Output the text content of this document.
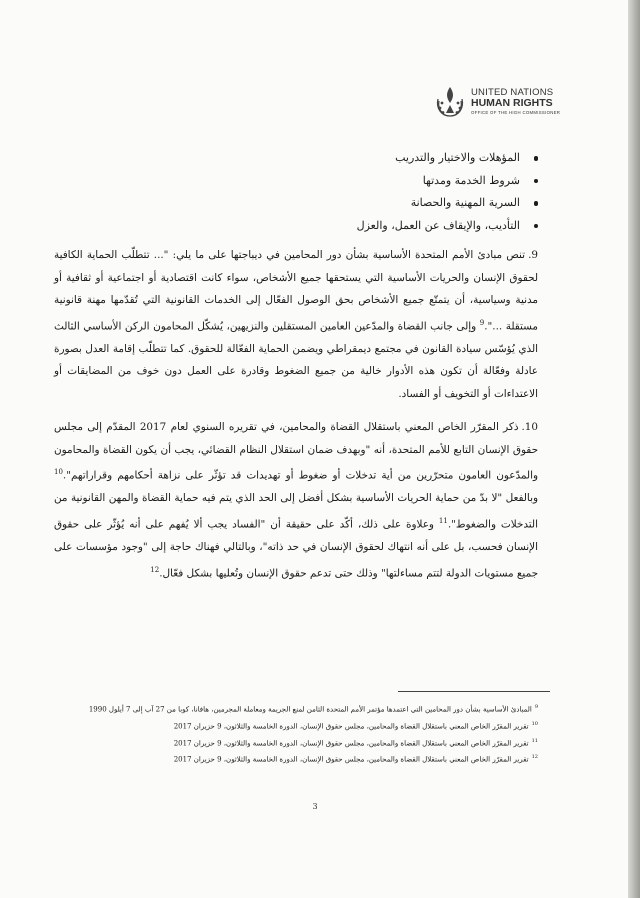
UNITED NATIONS
HUMAN RIGHTS
OFFICE OF THE HIGH COMMISSIONER
المؤهلات والاختيار والتدريب
شروط الخدمة ومدتها
السرية المهنية والحصانة
التأديب، والإيقاف عن العمل، والعزل

9.تنص مبادئ الأمم المتحدة الأساسية بشأن دور المحامين في ديباجتها على ما يلي: "... تتطلّب الحماية الكافية لحقوق الإنسان والحريات الأساسية التي يستحقها جميع الأشخاص، سواء كانت اقتصادية أو اجتماعية أو ثقافية أو مدنية وسياسية، أن يتمتّع جميع الأشخاص بحق الوصول الفعّال إلى الخدمات القانونية التي تُقدّمها مهنة قانونية مستقلة ...".$^9$ وإلى جانب القضاة والمدّعين العامين المستقلين والنزيهين، يُشكّل المحامون الركن الأساسي الثالث الذي يُؤسّس سيادة القانون في مجتمع ديمقراطي ويضمن الحماية الفعّالة للحقوق. كما تتطلّب إقامة العدل بصورة عادلة وفعّالة أن تكون هذه الأدوار خالية من جميع الضغوط وقادرة على العمل دون خوف من المضايقات أو الاعتداءات أو التخويف أو الفساد.

10.ذكر المقرّر الخاص المعني باستقلال القضاة والمحامين، في تقريره السنوي لعام 2017 المقدّم إلى مجلس حقوق الإنسان التابع للأمم المتحدة، أنه "وبهدف ضمان استقلال النظام القضائي، يجب أن يكون القضاة والمحامون والمدّعون العامون متحرّرين من أية تدخلات أو ضغوط أو تهديدات قد تؤثّر على نزاهة أحكامهم وقراراتهم".$^{10}$ وبالفعل "لا بدّ من حماية الحريات الأساسية بشكل أفضل إلى الحد الذي يتم فيه حماية القضاة والمهن القانونية من التدخلات والضغوط".$^{11}$ وعلاوة على ذلك، أكّد على حقيقة أن "الفساد يجب ألا يُفهم على أنه يُؤثّر على حقوق الإنسان فحسب، بل على أنه انتهاك لحقوق الإنسان في حد ذاته"، وبالتالي فهناك حاجة إلى "وجود مؤسسات على جميع مستويات الدولة لتتم مساءلتها" وذلك حتى تدعم حقوق الإنسان وتُعليها بشكل فعّال.$^{12}$

$^9$المبادئ الأساسية بشأن دور المحامين التي اعتمدها مؤتمر الأمم المتحدة الثامن لمنع الجريمة ومعاملة المجرمين، هافانا، كوبا من 27 آب إلى 7 أيلول 1990
$^{10}$تقرير المقرّر الخاص المعني باستقلال القضاة والمحامين، مجلس حقوق الإنسان، الدورة الخامسة والثلاثون، 9 حزيران 2017
$^{11}$تقرير المقرّر الخاص المعني باستقلال القضاة والمحامين، مجلس حقوق الإنسان، الدورة الخامسة والثلاثون، 9 حزيران 2017
$^{12}$تقرير المقرّر الخاص المعني باستقلال القضاة والمحامين، مجلس حقوق الإنسان، الدورة الخامسة والثلاثون، 9 حزيران 2017
3
